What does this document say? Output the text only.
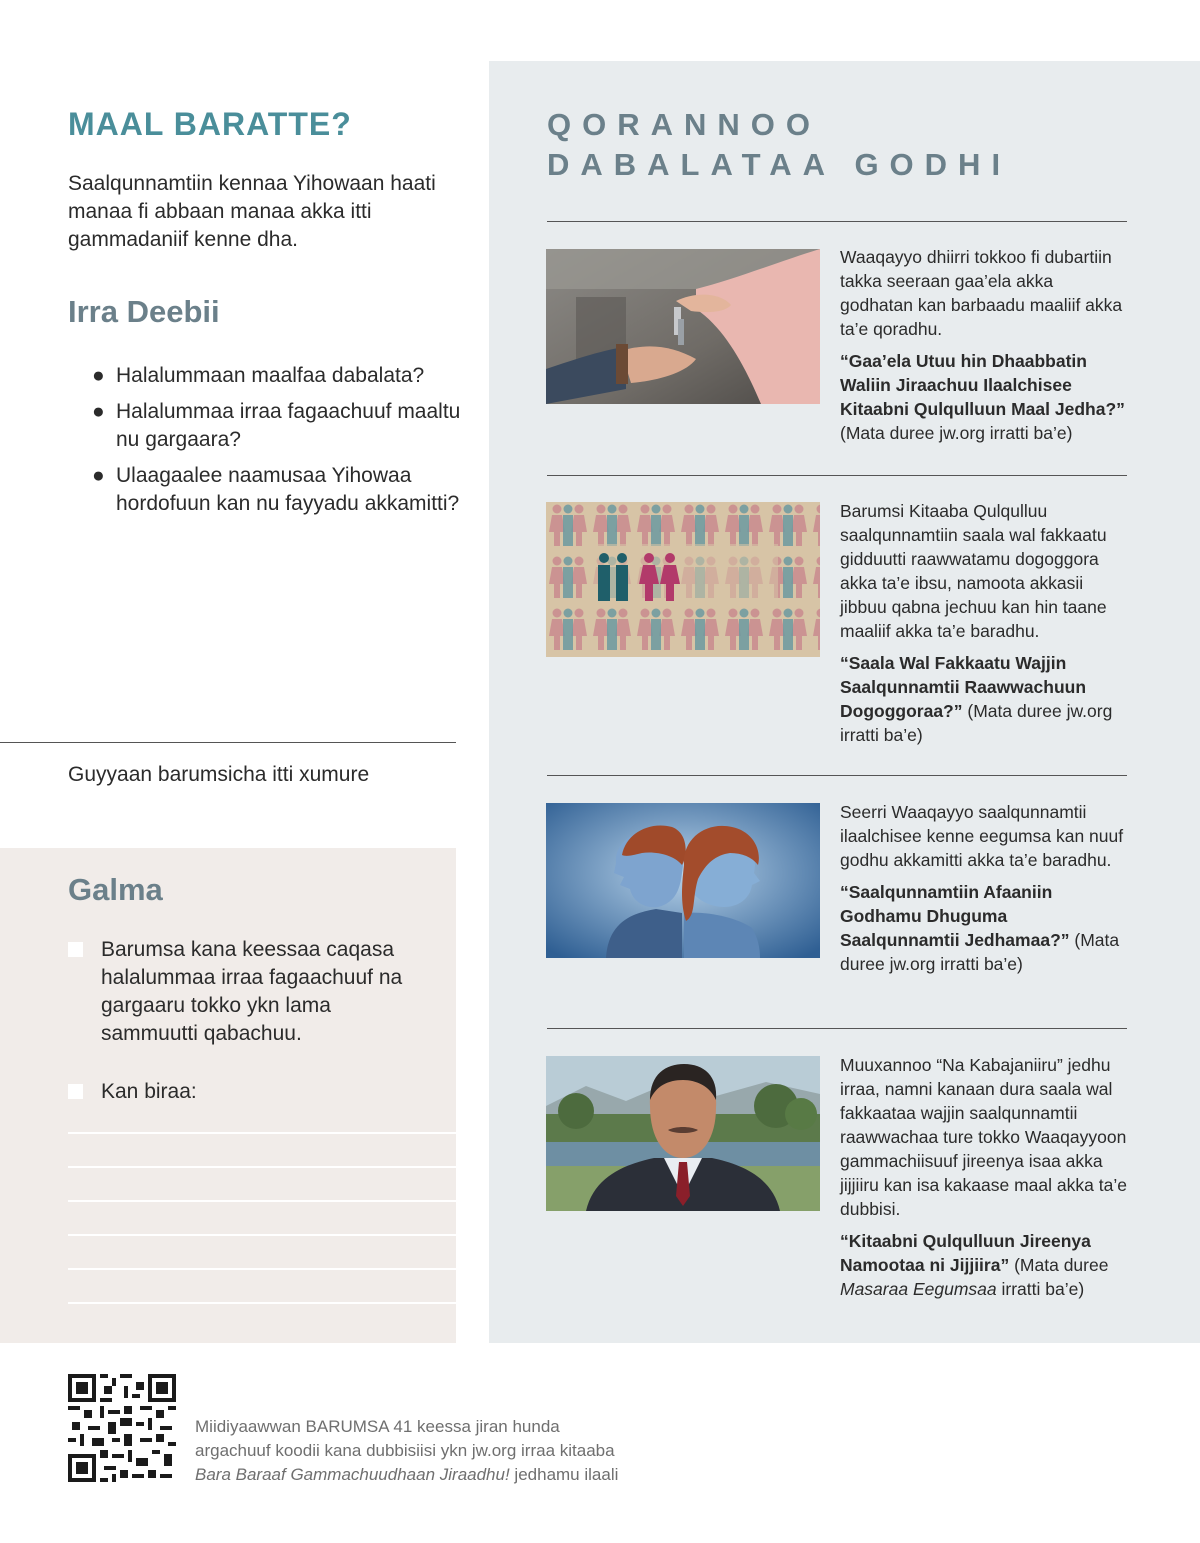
MAAL BARATTE?

Saalqunnamtiin kennaa Yihowaan haati manaa fi abbaan manaa akka itti gammadaniif kenne dha.

Irra Deebii
● Halalummaan maalfaa dabalata?
● Halalummaa irraa fagaachuuf maaltu nu gargaara?
● Ulaagaalee naamusaa Yihowaa hordofuun kan nu fayyadu akkamitti?

Guyyaan barumsicha itti xumure

Galma
Barumsa kana keessaa caqasa halalummaa irraa fagaachuuf na gargaaru tokko ykn lama sammuutti qabachuu.
Kan biraa:
QORANNOO
DABALATAA GODHI

Waaqayyo dhiirri tokkoo fi dubartiin takka seeraan gaa’ela akka godhatan kan barbaadu maaliif akka ta’e qoradhu.

“Gaa’ela Utuu hin Dhaabbatin Waliin Jiraachuu Ilaalchisee Kitaabni Qulqulluun Maal Jedha?” (Mata duree jw.org irratti ba’e)

Barumsi Kitaaba Qulqulluu saalqunnamtiin saala wal fakkaatu gidduutti raawwatamu dogoggora akka ta’e ibsu, namoota akkasii jibbuu qabna jechuu kan hin taane maaliif akka ta’e baradhu.

“Saala Wal Fakkaatu Wajjin Saalqunnamtii Raawwachuun Dogoggoraa?” (Mata duree jw.org irratti ba’e)

Seerri Waaqayyo saalqunnamtii ilaalchisee kenne eegumsa kan nuuf godhu akkamitti akka ta’e baradhu.

“Saalqunnamtiin Afaaniin Godhamu Dhuguma Saalqunnamtii Jedhamaa?” (Mata duree jw.org irratti ba’e)

Muuxannoo “Na Kabajaniiru” jedhu irraa, namni kanaan dura saala wal fakkaataa wajjin saalqunnamtii raawwachaa ture tokko Waaqayyoon gammachiisuuf jireenya isaa akka jijjiiru kan isa kakaase maal akka ta’e dubbisi.

“Kitaabni Qulqulluun Jireenya Namootaa ni Jijjiira” (Mata duree Masaraa Eegumsaa irratti ba’e)

Miidiyaawwan BARUMSA 41 keessa jiran hunda
argachuuf koodii kana dubbisiisi ykn jw.org irraa kitaaba
Bara Baraaf Gammachuudhaan Jiraadhu! jedhamu ilaali
